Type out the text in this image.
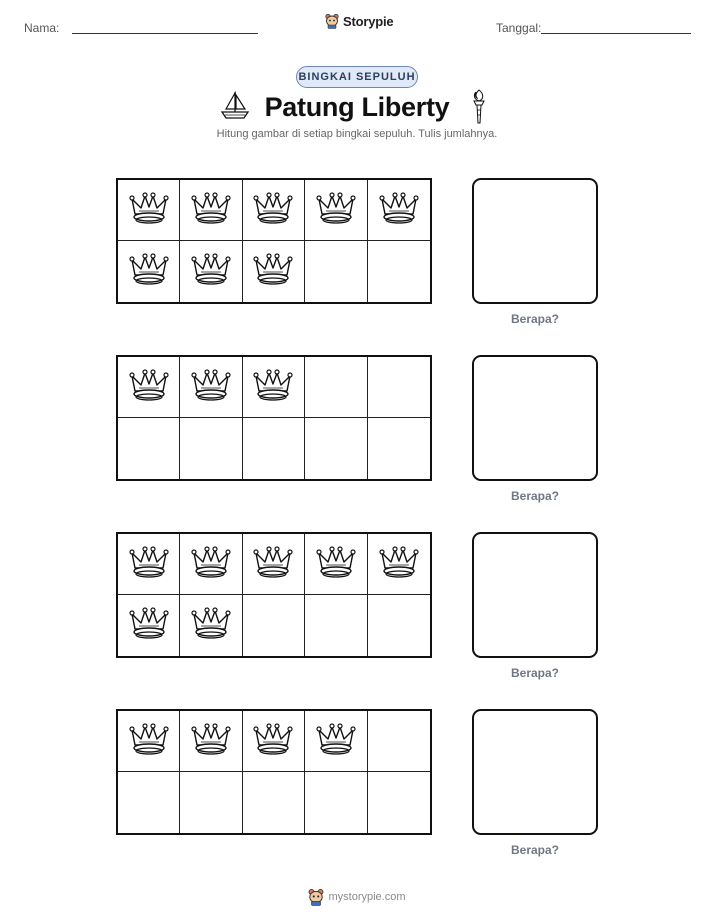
Nama:	Storypie	Tanggal:
BINGKAI SEPULUH
Patung Liberty
Hitung gambar di setiap bingkai sepuluh. Tulis jumlahnya.
Berapa?
Berapa?
Berapa?
Berapa?
mystorypie.com
